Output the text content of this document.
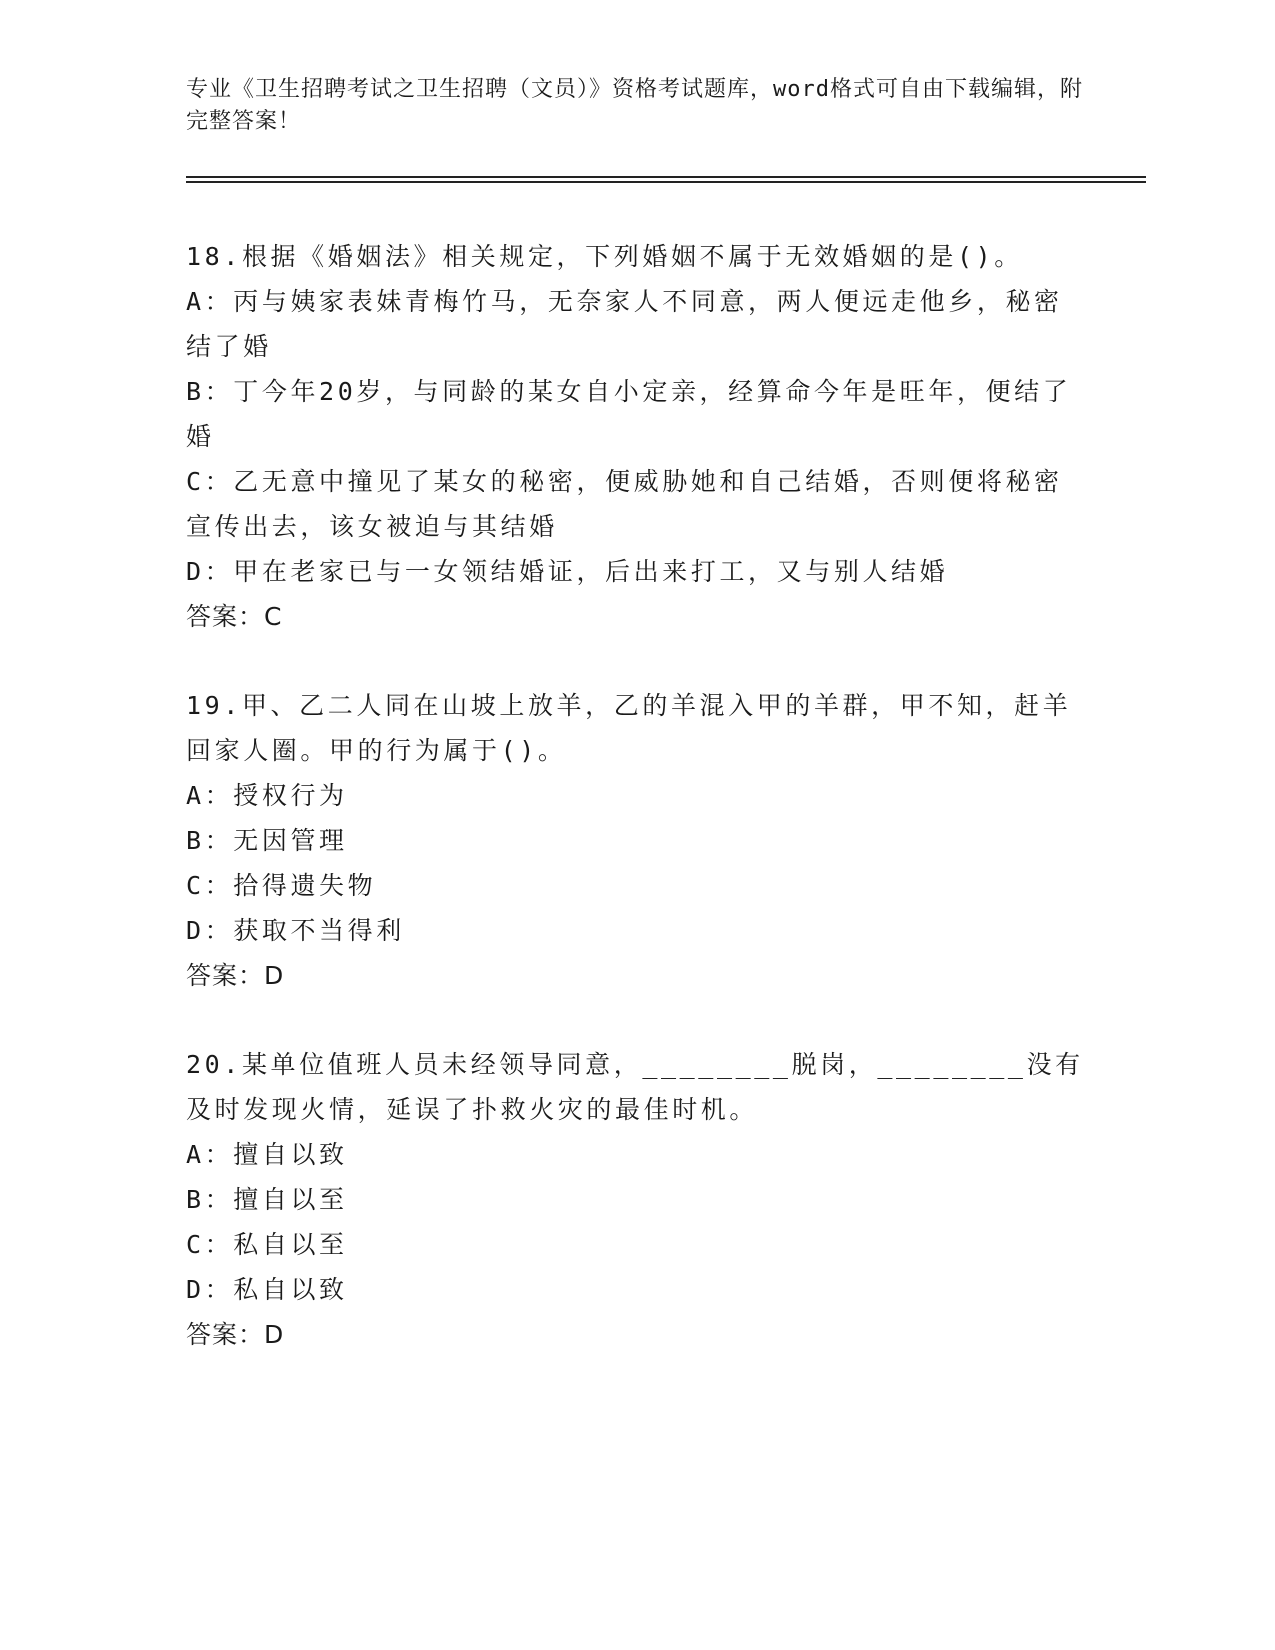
专业《卫生招聘考试之卫生招聘（文员）》资格考试题库，word格式可自由下载编辑，附完整答案！

18.根据《婚姻法》相关规定，下列婚姻不属于无效婚姻的是()。

A：丙与姨家表妹青梅竹马，无奈家人不同意，两人便远走他乡，秘密结了婚

B：丁今年20岁，与同龄的某女自小定亲，经算命今年是旺年，便结了婚

C：乙无意中撞见了某女的秘密，便威胁她和自己结婚，否则便将秘密宣传出去，该女被迫与其结婚

D：甲在老家已与一女领结婚证，后出来打工，又与别人结婚

答案：C

19.甲、乙二人同在山坡上放羊，乙的羊混入甲的羊群，甲不知，赶羊回家人圈。甲的行为属于()。

A：授权行为

B：无因管理

C：拾得遗失物

D：获取不当得利

答案：D

20.某单位值班人员未经领导同意，________脱岗，________没有及时发现火情，延误了扑救火灾的最佳时机。

A：擅自以致

B：擅自以至

C：私自以至

D：私自以致

答案：D
